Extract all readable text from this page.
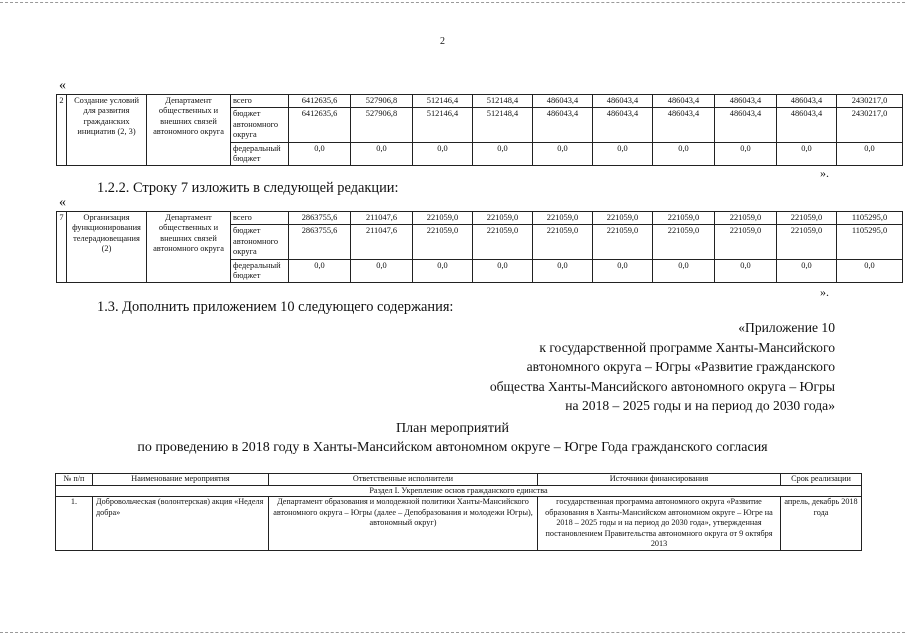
2
«
2	Создание условий для развития гражданских инициатив (2, 3)	Департамент общественных и внешних связей автономного округа	всего	6412635,6	527906,8	512146,4	512148,4	486043,4	486043,4	486043,4	486043,4	486043,4	2430217,0
			бюджет автономного округа	6412635,6	527906,8	512146,4	512148,4	486043,4	486043,4	486043,4	486043,4	486043,4	2430217,0
			федеральный бюджет	0,0	0,0	0,0	0,0	0,0	0,0	0,0	0,0	0,0	0,0
».
1.2.2. Строку 7 изложить в следующей редакции:
«
7	Организация функционирования телерадиовещания (2)	Департамент общественных и внешних связей автономного округа	всего	2863755,6	211047,6	221059,0	221059,0	221059,0	221059,0	221059,0	221059,0	221059,0	1105295,0
			бюджет автономного округа	2863755,6	211047,6	221059,0	221059,0	221059,0	221059,0	221059,0	221059,0	221059,0	1105295,0
			федеральный бюджет	0,0	0,0	0,0	0,0	0,0	0,0	0,0	0,0	0,0	0,0
».
1.3. Дополнить приложением 10 следующего содержания:
«Приложение 10
к государственной программе Ханты-Мансийского
автономного округа – Югры «Развитие гражданского
общества Ханты-Мансийского автономного округа – Югры
на 2018 – 2025 годы и на период до 2030 года»
План мероприятий
по проведению в 2018 году в Ханты-Мансийском автономном округе – Югре Года гражданского согласия
№ п/п	Наименование мероприятия	Ответственные исполнители	Источники финансирования	Срок реализации
Раздел I. Укрепление основ гражданского единства				
1.	Добровольческая (волонтерская) акция «Неделя добра»	Департамент образования и молодежной политики Ханты-Мансийского автономного округа – Югры (далее – Депобразования и молодежи Югры), автономный округ)	государственная программа автономного округа «Развитие образования в Ханты-Мансийском автономном округе – Югре на 2018 – 2025 годы и на период до 2030 года», утвержденная постановлением Правительства автономного округа от 9 октября 2013	апрель, декабрь 2018 года
